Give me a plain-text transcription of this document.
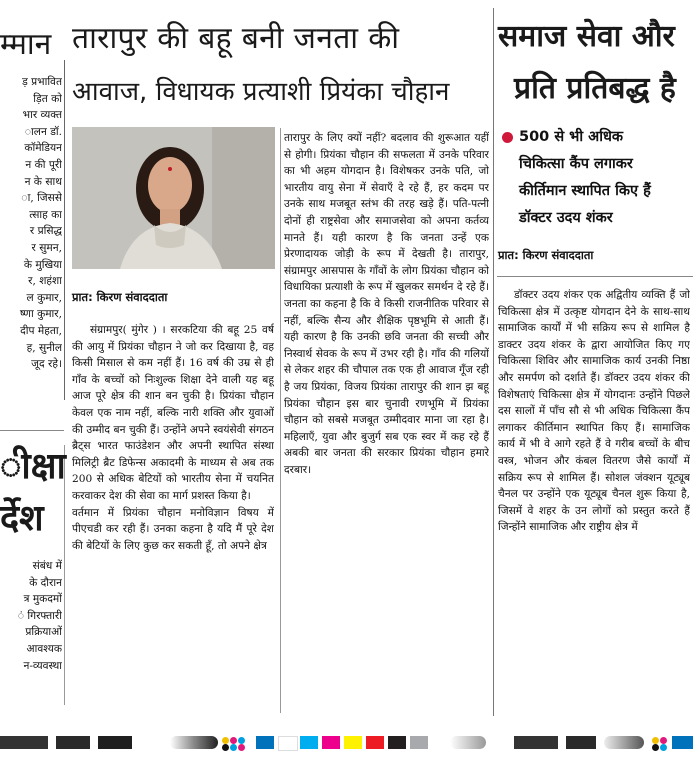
म्मान
ड़ प्रभावित
ड़ित को
भार व्यक्त
ालन डॉ.
कॉमेडियन
न की पूरी
न के साथ
ा, जिससे
त्साह का
र प्रसिद्ध
र सुमन,
के मुखिया
र, शहंशा
ल कुमार,
ष्णा कुमार,
दीप मेहता,
ह, सुनील
जूद रहे।
ीक्षा
र्देश
संबंध में
के दौरान
त्र मुकदमों
ं गिरफ्तारी
प्रक्रियाओं
आवश्यक
न-व्यवस्था
तारापुर की बहू बनी जनता की
आवाज, विधायक प्रत्याशी प्रियंका चौहान
प्रात: किरण संवाददाता

संग्रामपुर( मुंगेर ) । सरकटिया की बहू 25 वर्ष की आयु में प्रियंका चौहान ने जो कर दिखाया है, वह किसी मिसाल से कम नहीं हैं। 16 वर्ष की उम्र से ही गाँव के बच्चों को निःशुल्क शिक्षा देने वाली यह बहू आज पूरे क्षेत्र की शान बन चुकी है। प्रियंका चौहान केवल एक नाम नहीं, बल्कि नारी शक्ति और युवाओं की उम्मीद बन चुकी हैं। उन्होंने अपने स्वयंसेवी संगठन ब्रैट्स भारत फाउंडेशन और अपनी स्थापित संस्था मिलिट्री ब्रैट डिफेन्स अकादमी के माध्यम से अब तक 200 से अधिक बेटियों को भारतीय सेना में चयनित करवाकर देश की सेवा का मार्ग प्रशस्त किया है।

वर्तमान में प्रियंका चौहान मनोविज्ञान विषय में पीएचडी कर रही हैं। उनका कहना है यदि मैं पूरे देश की बेटियों के लिए कुछ कर सकती हूँ, तो अपने क्षेत्र

तारापुर के लिए क्यों नहीं? बदलाव की शुरूआत यहीं से होगी। प्रियंका चौहान की सफलता में उनके परिवार का भी अहम योगदान है। विशेषकर उनके पति, जो भारतीय वायु सेना में सेवाएँ दे रहे हैं, हर कदम पर उनके साथ मजबूत स्तंभ की तरह खड़े हैं। पति-पत्नी दोनों ही राष्ट्रसेवा और समाजसेवा को अपना कर्तव्य मानते हैं। यही कारण है कि जनता उन्हें एक प्रेरणादायक जोड़ी के रूप में देखती है। तारापुर, संग्रामपुर आसपास के गाँवों के लोग प्रियंका चौहान को विधायिका प्रत्याशी के रूप में खुलकर समर्थन दे रहे हैं। जनता का कहना है कि वे किसी राजनीतिक परिवार से नहीं, बल्कि सैन्य और शैक्षिक पृष्ठभूमि से आती हैं। यही कारण है कि उनकी छवि जनता की सच्ची और निस्वार्थ सेवक के रूप में उभर रही है। गाँव की गलियों से लेकर शहर की चौपाल तक एक ही आवाज गूँज रही है जय प्रियंका, विजय प्रियंका तारापुर की शान झ बहू प्रियंका चौहान इस बार चुनावी रणभूमि में प्रियंका चौहान को सबसे मजबूत उम्मीदवार माना जा रहा है। महिलाएँ, युवा और बुजुर्ग सब एक स्वर में कह रहे हैं अबकी बार जनता की सरकार प्रियंका चौहान हमारे दरबार।

समाज सेवा और
प्रति प्रतिबद्ध है
500 से भी अधिक
चिकित्सा कैंप लगाकर
कीर्तिमान स्थापित किए हैं
डॉक्टर उदय शंकर
प्रात: किरण संवाददाता

डॉक्टर उदय शंकर एक अद्वितीय व्यक्ति हैं जो चिकित्सा क्षेत्र में उत्कृष्ट योगदान देने के साथ-साथ सामाजिक कार्यों में भी सक्रिय रूप से शामिल है डाक्टर उदय शंकर के द्वारा आयोजित किए गए चिकित्सा शिविर और सामाजिक कार्य उनकी निष्ठा और समर्पण को दर्शाते हैं। डॉक्टर उदय शंकर की विशेषताएं चिकित्सा क्षेत्र में योगदानः उन्होंने पिछले दस सालों में पाँच सौ से भी अधिक चिकित्सा कैंप लगाकर कीर्तिमान स्थापित किए हैं। सामाजिक कार्य में भी वे आगे रहते हैं वे गरीब बच्चों के बीच वस्त्र, भोजन और कंबल वितरण जैसे कार्यों में सक्रिय रूप से शामिल हैं। सोशल जंक्शन यूट्यूब चैनल पर उन्होंने एक यूट्यूब चैनल शुरू किया है, जिसमें वे शहर के उन लोगों को प्रस्तुत करते हैं जिन्होंने सामाजिक और राष्ट्रीय क्षेत्र में
